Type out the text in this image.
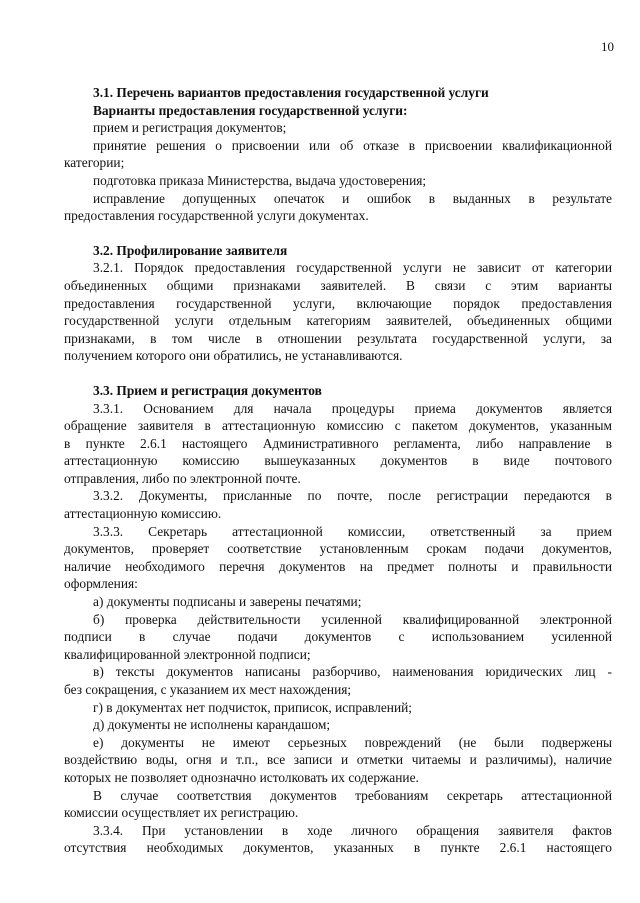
10
3.1. Перечень вариантов предоставления государственной услуги
Варианты предоставления государственной услуги:
прием и регистрация документов;
принятие решения о присвоении или об отказе в присвоении квалификационной
категории;
подготовка приказа Министерства, выдача удостоверения;
исправление допущенных опечаток и ошибок в выданных в результате
предоставления государственной услуги документах.
3.2. Профилирование заявителя
3.2.1. Порядок предоставления государственной услуги не зависит от категории
объединенных общими признаками заявителей. В связи с этим варианты
предоставления государственной услуги, включающие порядок предоставления
государственной услуги отдельным категориям заявителей, объединенных общими
признаками, в том числе в отношении результата государственной услуги, за
получением которого они обратились, не устанавливаются.
3.3. Прием и регистрация документов
3.3.1. Основанием для начала процедуры приема документов является
обращение заявителя в аттестационную комиссию с пакетом документов, указанным
в пункте 2.6.1 настоящего Административного регламента, либо направление в
аттестационную комиссию вышеуказанных документов в виде почтового
отправления, либо по электронной почте.
3.3.2. Документы, присланные по почте, после регистрации передаются в
аттестационную комиссию.
3.3.3. Секретарь аттестационной комиссии, ответственный за прием
документов, проверяет соответствие установленным срокам подачи документов,
наличие необходимого перечня документов на предмет полноты и правильности
оформления:
а) документы подписаны и заверены печатями;
б) проверка действительности усиленной квалифицированной электронной
подписи в случае подачи документов с использованием усиленной
квалифицированной электронной подписи;
в) тексты документов написаны разборчиво, наименования юридических лиц -
без сокращения, с указанием их мест нахождения;
г) в документах нет подчисток, приписок, исправлений;
д) документы не исполнены карандашом;
е) документы не имеют серьезных повреждений (не были подвержены
воздействию воды, огня и т.п., все записи и отметки читаемы и различимы), наличие
которых не позволяет однозначно истолковать их содержание.
В случае соответствия документов требованиям секретарь аттестационной
комиссии осуществляет их регистрацию.
3.3.4. При установлении в ходе личного обращения заявителя фактов
отсутствия необходимых документов, указанных в пункте 2.6.1 настоящего
